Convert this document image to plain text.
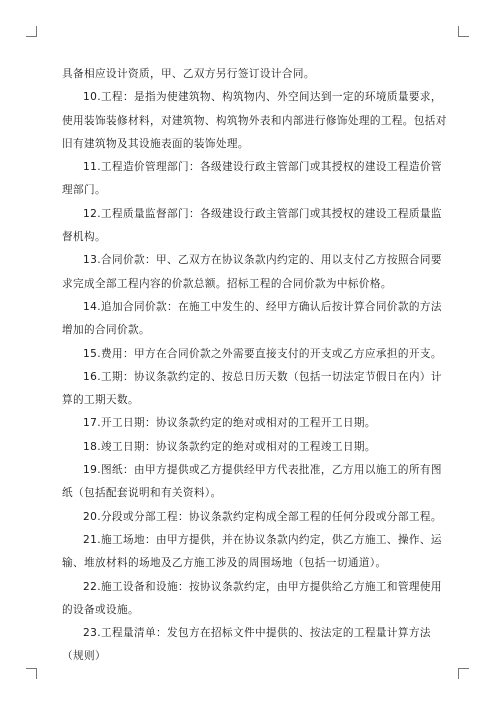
具备相应设计资质，甲、乙双方另行签订设计合同。

10.工程：是指为使建筑物、构筑物内、外空间达到一定的环境质量要求，使用装饰装修材料，对建筑物、构筑物外表和内部进行修饰处理的工程。包括对旧有建筑物及其设施表面的装饰处理。

11.工程造价管理部门：各级建设行政主管部门或其授权的建设工程造价管理部门。

12.工程质量监督部门：各级建设行政主管部门或其授权的建设工程质量监督机构。

13.合同价款：甲、乙双方在协议条款内约定的、用以支付乙方按照合同要求完成全部工程内容的价款总额。招标工程的合同价款为中标价格。

14.追加合同价款：在施工中发生的、经甲方确认后按计算合同价款的方法增加的合同价款。

15.费用：甲方在合同价款之外需要直接支付的开支或乙方应承担的开支。

16.工期：协议条款约定的、按总日历天数（包括一切法定节假日在内）计算的工期天数。

17.开工日期：协议条款约定的绝对或相对的工程开工日期。

18.竣工日期：协议条款约定的绝对或相对的工程竣工日期。

19.图纸：由甲方提供或乙方提供经甲方代表批准，乙方用以施工的所有图纸（包括配套说明和有关资料）。

20.分段或分部工程：协议条款约定构成全部工程的任何分段或分部工程。

21.施工场地：由甲方提供，并在协议条款内约定，供乙方施工、操作、运输、堆放材料的场地及乙方施工涉及的周围场地（包括一切通道）。

22.施工设备和设施：按协议条款约定，由甲方提供给乙方施工和管理使用的设备或设施。

23.工程量清单：发包方在招标文件中提供的、按法定的工程量计算方法（规则）
